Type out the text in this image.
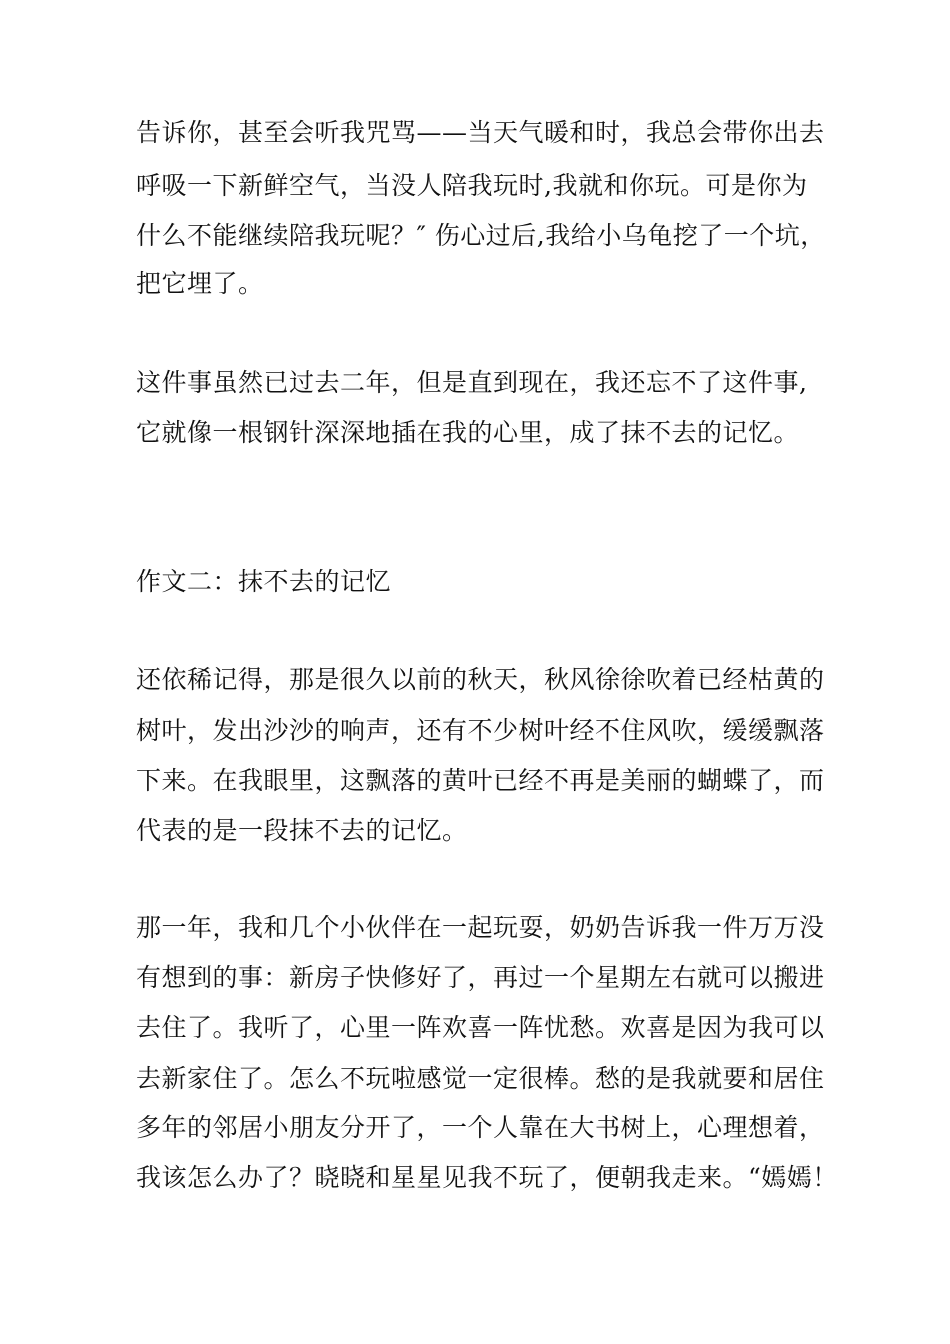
告诉你，甚至会听我咒骂——当天气暖和时，我总会带你出去
呼吸一下新鲜空气，当没人陪我玩时,我就和你玩。可是你为
什么不能继续陪我玩呢？″ 伤心过后,我给小乌龟挖了一个坑，
把它埋了。
这件事虽然已过去二年，但是直到现在，我还忘不了这件事,
它就像一根钢针深深地插在我的心里，成了抹不去的记忆。
作文二：抹不去的记忆
还依稀记得，那是很久以前的秋天，秋风徐徐吹着已经枯黄的
树叶，发出沙沙的响声，还有不少树叶经不住风吹，缓缓飘落
下来。在我眼里，这飘落的黄叶已经不再是美丽的蝴蝶了，而
代表的是一段抹不去的记忆。
那一年，我和几个小伙伴在一起玩耍，奶奶告诉我一件万万没
有想到的事：新房子快修好了，再过一个星期左右就可以搬进
去住了。我听了，心里一阵欢喜一阵忧愁。欢喜是因为我可以
去新家住了。怎么不玩啦感觉一定很棒。愁的是我就要和居住
多年的邻居小朋友分开了，一个人靠在大书树上，心理想着，
我该怎么办了？晓晓和星星见我不玩了，便朝我走来。“嫣嫣！
